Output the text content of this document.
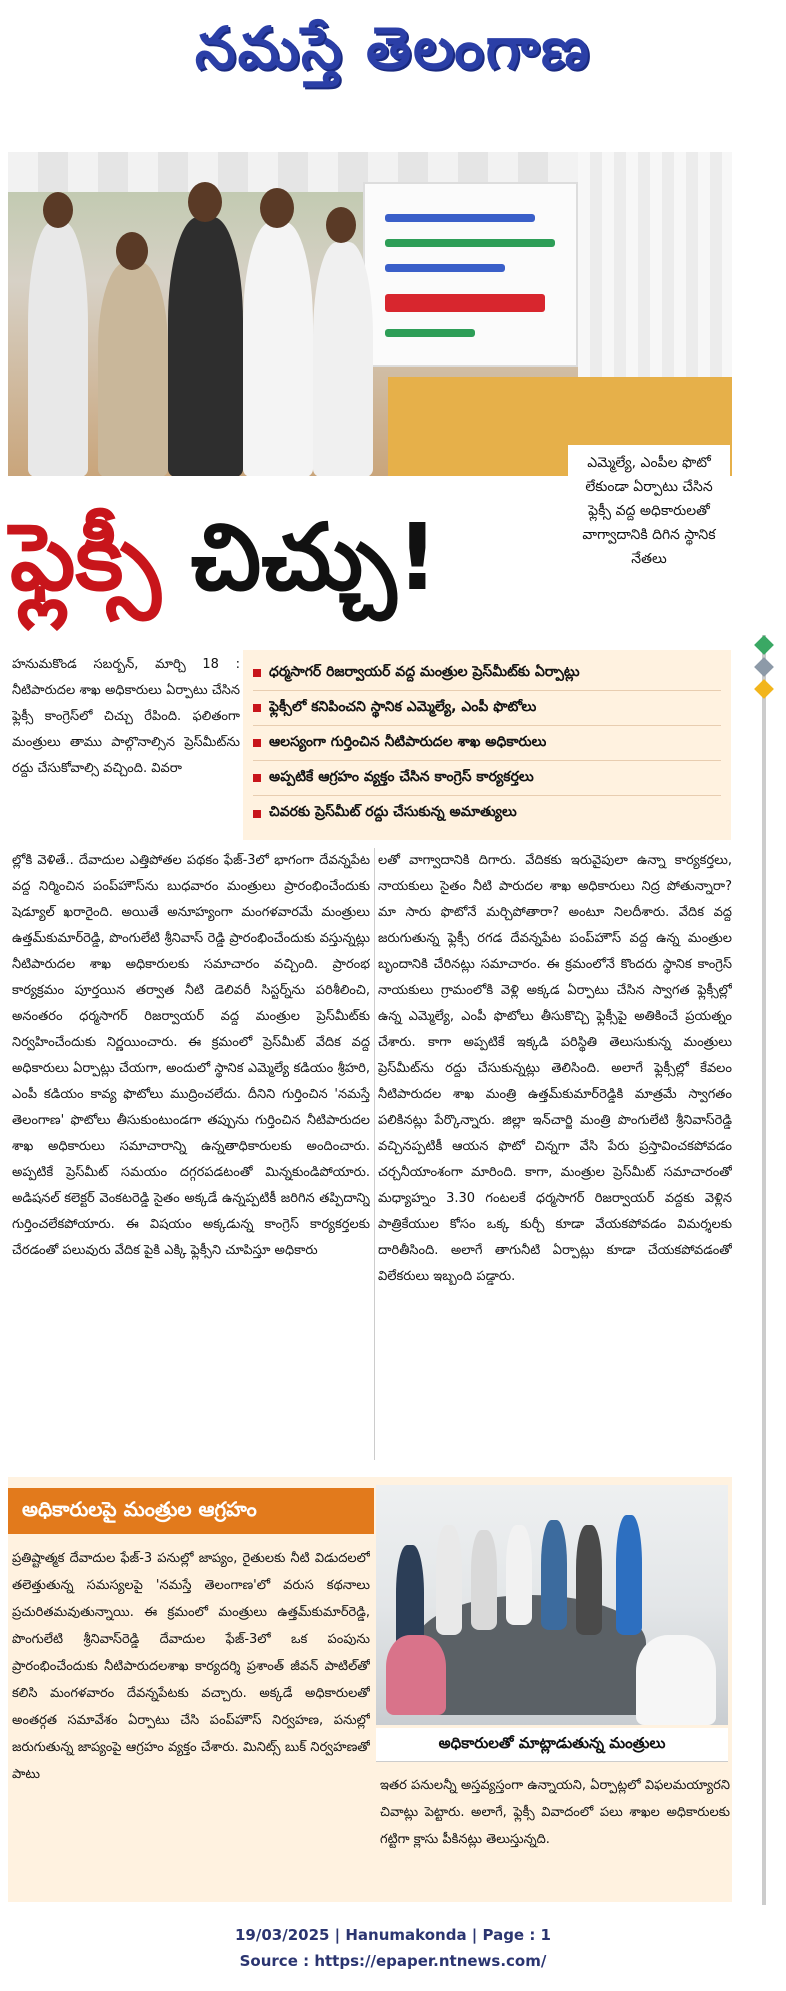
నమస్తే తెలంగాణ
ఫ్లెక్సీ చిచ్చు!

ఎమ్మెల్యే, ఎంపీల ఫొటో లేకుండా ఏర్పాటు చేసిన ఫ్లెక్సీ వద్ద అధికారులతో వాగ్వాదానికి దిగిన స్థానిక నేతలు

హనుమకొండ సబర్బన్, మార్చి 18 : నీటిపారుదల శాఖ అధికారులు ఏర్పాటు చేసిన ఫ్లెక్సీ కాంగ్రెస్‌లో చిచ్చు రేపింది. ఫలితంగా మంత్రులు తాము పాల్గొనాల్సిన ప్రెస్‌మీట్‌ను రద్దు చేసుకోవాల్సి వచ్చింది. వివరా
ధర్మసాగర్ రిజర్వాయర్ వద్ద మంత్రుల ప్రెస్‌మీట్‌కు ఏర్పాట్లు
ఫ్లెక్సీలో కనిపించని స్థానిక ఎమ్మెల్యే, ఎంపీ ఫొటోలు
ఆలస్యంగా గుర్తించిన నీటిపారుదల శాఖ అధికారులు
అప్పటికే ఆగ్రహం వ్యక్తం చేసిన కాంగ్రెస్ కార్యకర్తలు
చివరకు ప్రెస్‌మీట్ రద్దు చేసుకున్న అమాత్యులు
ల్లోకి వెళితే.. దేవాదుల ఎత్తిపోతల పథకం ఫేజ్-3లో భాగంగా దేవన్నపేట వద్ద నిర్మించిన పంప్‌హౌస్‌ను బుధవారం మంత్రులు ప్రారంభించేందుకు షెడ్యూల్ ఖరారైంది. అయితే అనూహ్యంగా మంగళవారమే మంత్రులు ఉత్తమ్‌కుమార్‌రెడ్డి, పొంగులేటి శ్రీనివాస్ రెడ్డి ప్రారంభించేందుకు వస్తున్నట్లు నీటిపారుదల శాఖ అధికారులకు సమాచారం వచ్చింది. ప్రారంభ కార్యక్రమం పూర్తయిన తర్వాత నీటి డెలివరీ సిస్టర్న్‌ను పరిశీలించి, అనంతరం ధర్మసాగర్ రిజర్వాయర్ వద్ద మంత్రుల ప్రెస్‌మీట్‌కు నిర్వహించేందుకు నిర్ణయించారు. ఈ క్రమంలో ప్రెస్‌మీట్ వేదిక వద్ద అధికారులు ఏర్పాట్లు చేయగా, అందులో స్థానిక ఎమ్మెల్యే కడియం శ్రీహరి, ఎంపీ కడియం కావ్య ఫొటోలు ముద్రించలేదు. దీనిని గుర్తించిన 'నమస్తే తెలంగాణ' ఫొటోలు తీసుకుంటుండగా తప్పును గుర్తించిన నీటిపారుదల శాఖ అధికారులు సమాచారాన్ని ఉన్నతాధికారులకు అందించారు. అప్పటికే ప్రెస్‌మీట్ సమయం దగ్గరపడటంతో మిన్నకుండిపోయారు. అడిషనల్ కలెక్టర్ వెంకటరెడ్డి సైతం అక్కడే ఉన్నప్పటికీ జరిగిన తప్పిదాన్ని గుర్తించలేకపోయారు. ఈ విషయం అక్కడున్న కాంగ్రెస్ కార్యకర్తలకు చేరడంతో పలువురు వేదిక పైకి ఎక్కి ఫ్లెక్సీని చూపిస్తూ అధికారు
లతో వాగ్వాదానికి దిగారు. వేదికకు ఇరువైపులా ఉన్నా కార్యకర్తలు, నాయకులు సైతం నీటి పారుదల శాఖ అధికారులు నిద్ర పోతున్నారా? మా సారు ఫొటోనే మర్చిపోతారా? అంటూ నిలదీశారు. వేదిక వద్ద జరుగుతున్న ఫ్లెక్సీ రగడ దేవన్నపేట పంప్‌హౌస్ వద్ద ఉన్న మంత్రుల బృందానికి చేరినట్లు సమాచారం. ఈ క్రమంలోనే కొందరు స్థానిక కాంగ్రెస్ నాయకులు గ్రామంలోకి వెళ్లి అక్కడ ఏర్పాటు చేసిన స్వాగత ఫ్లెక్సీల్లో ఉన్న ఎమ్మెల్యే, ఎంపీ ఫొటోలు తీసుకొచ్చి ఫ్లెక్సీపై అతికించే ప్రయత్నం చేశారు. కాగా అప్పటికే ఇక్కడి పరిస్థితి తెలుసుకున్న మంత్రులు ప్రెస్‌మీట్‌ను రద్దు చేసుకున్నట్లు తెలిసింది. అలాగే ఫ్లెక్సీల్లో కేవలం నీటిపారుదల శాఖ మంత్రి ఉత్తమ్‌కుమార్‌రెడ్డికి మాత్రమే స్వాగతం పలికినట్లు పేర్కొన్నారు. జిల్లా ఇన్‌చార్జి మంత్రి పొంగులేటి శ్రీనివాస్‌రెడ్డి వచ్చినప్పటికీ ఆయన ఫొటో చిన్నగా వేసి పేరు ప్రస్తావించకపోవడం చర్చనీయాంశంగా మారింది. కాగా, మంత్రుల ప్రెస్‌మీట్ సమాచారంతో మధ్యాహ్నం 3.30 గంటలకే ధర్మసాగర్ రిజర్వాయర్ వద్దకు వెళ్లిన పాత్రికేయుల కోసం ఒక్క కుర్చీ కూడా వేయకపోవడం విమర్శలకు దారితీసింది. అలాగే తాగునీటి ఏర్పాట్లు కూడా చేయకపోవడంతో విలేకరులు ఇబ్బంది పడ్డారు.
అధికారులపై మంత్రుల ఆగ్రహం
ప్రతిష్టాత్మక దేవాదుల ఫేజ్-3 పనుల్లో జాప్యం, రైతులకు నీటి విడుదలలో తలెత్తుతున్న సమస్యలపై 'నమస్తే తెలంగాణ'లో వరుస కథనాలు ప్రచురితమవుతున్నాయి. ఈ క్రమంలో మంత్రులు ఉత్తమ్‌కుమార్‌రెడ్డి, పొంగులేటి శ్రీనివాస్‌రెడ్డి దేవాదుల ఫేజ్-3లో ఒక పంపును ప్రారంభించేందుకు నీటిపారుదలశాఖ కార్యదర్శి ప్రశాంత్ జీవన్ పాటిల్‌తో కలిసి మంగళవారం దేవన్నపేటకు వచ్చారు. అక్కడే అధికారులతో అంతర్గత సమావేశం ఏర్పాటు చేసి పంప్‌హౌస్ నిర్వహణ, పనుల్లో జరుగుతున్న జాప్యంపై ఆగ్రహం వ్యక్తం చేశారు. మినిట్స్ బుక్ నిర్వహణతో పాటు
అధికారులతో మాట్లాడుతున్న మంత్రులు
ఇతర పనులన్నీ అస్తవ్యస్తంగా ఉన్నాయని, ఏర్పాట్లలో విఫలమయ్యారని చివాట్లు పెట్టారు. అలాగే, ఫ్లెక్సీ వివాదంలో పలు శాఖల అధికారులకు గట్టిగా క్లాసు పీకినట్లు తెలుస్తున్నది.
19/03/2025 | Hanumakonda | Page : 1
Source : https://epaper.ntnews.com/
